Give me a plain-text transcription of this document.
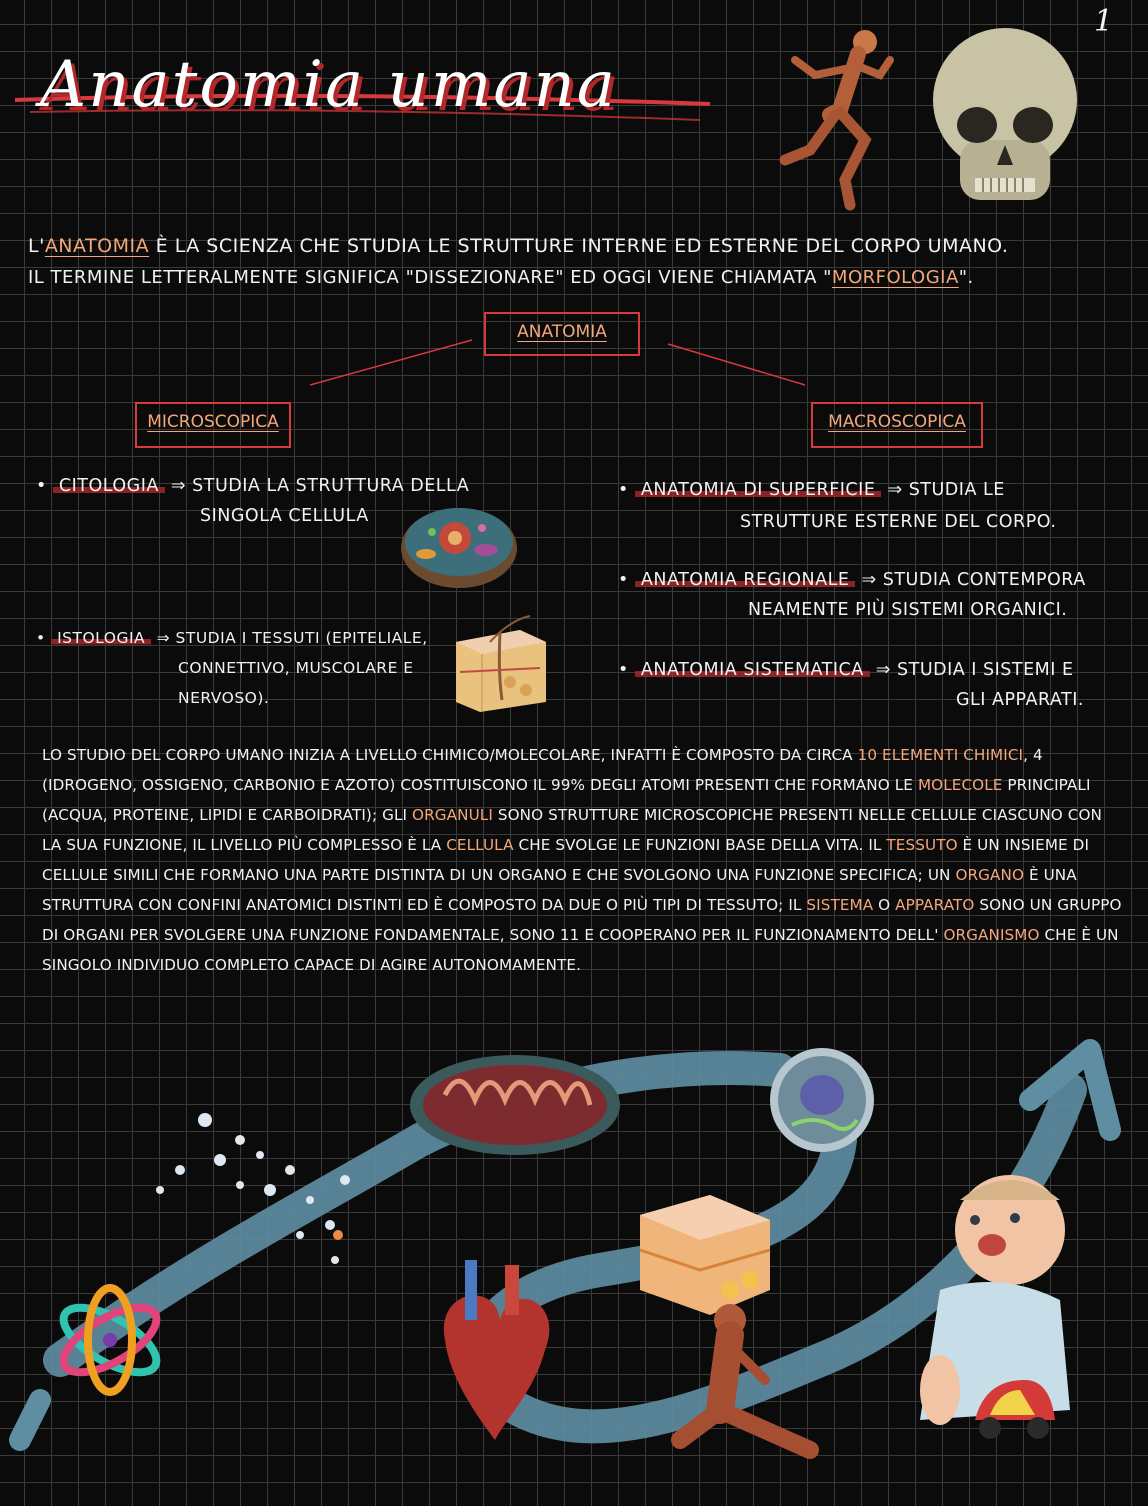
1
Anatomia umana
L'ANATOMIA È LA SCIENZA CHE STUDIA LE STRUTTURE INTERNE ED ESTERNE DEL CORPO UMANO.
IL TERMINE LETTERALMENTE SIGNIFICA "DISSEZIONARE" ED OGGI VIENE CHIAMATA "MORFOLOGIA".
ANATOMIA
MICROSCOPICA	MACROSCOPICA
• CITOLOGIA ⇒ STUDIA LA STRUTTURA DELLA
SINGOLA CELLULA
• ISTOLOGIA ⇒ STUDIA I TESSUTI (EPITELIALE,
CONNETTIVO, MUSCOLARE E
NERVOSO).
• ANATOMIA DI SUPERFICIE ⇒ STUDIA LE
STRUTTURE ESTERNE DEL CORPO.
• ANATOMIA REGIONALE ⇒ STUDIA CONTEMPORA
NEAMENTE PIÙ SISTEMI ORGANICI.
• ANATOMIA SISTEMATICA ⇒ STUDIA I SISTEMI E
GLI APPARATI.
LO STUDIO DEL CORPO UMANO INIZIA A LIVELLO CHIMICO/MOLECOLARE, INFATTI È COMPOSTO DA CIRCA 10 ELEMENTI CHIMICI, 4 (IDROGENO, OSSIGENO, CARBONIO E AZOTO) COSTITUISCONO IL 99% DEGLI ATOMI PRESENTI CHE FORMANO LE MOLECOLE PRINCIPALI (ACQUA, PROTEINE, LIPIDI E CARBOIDRATI); GLI ORGANULI SONO STRUTTURE MICROSCOPICHE PRESENTI NELLE CELLULE CIASCUNO CON LA SUA FUNZIONE, IL LIVELLO PIÙ COMPLESSO È LA CELLULA CHE SVOLGE LE FUNZIONI BASE DELLA VITA. IL TESSUTO È UN INSIEME DI CELLULE SIMILI CHE FORMANO UNA PARTE DISTINTA DI UN ORGANO E CHE SVOLGONO UNA FUNZIONE SPECIFICA; UN ORGANO È UNA STRUTTURA CON CONFINI ANATOMICI DISTINTI ED È COMPOSTO DA DUE O PIÙ TIPI DI TESSUTO; IL SISTEMA O APPARATO SONO UN GRUPPO DI ORGANI PER SVOLGERE UNA FUNZIONE FONDAMENTALE, SONO 11 E COOPERANO PER IL FUNZIONAMENTO DELL' ORGANISMO CHE È UN SINGOLO INDIVIDUO COMPLETO CAPACE DI AGIRE AUTONOMAMENTE.
